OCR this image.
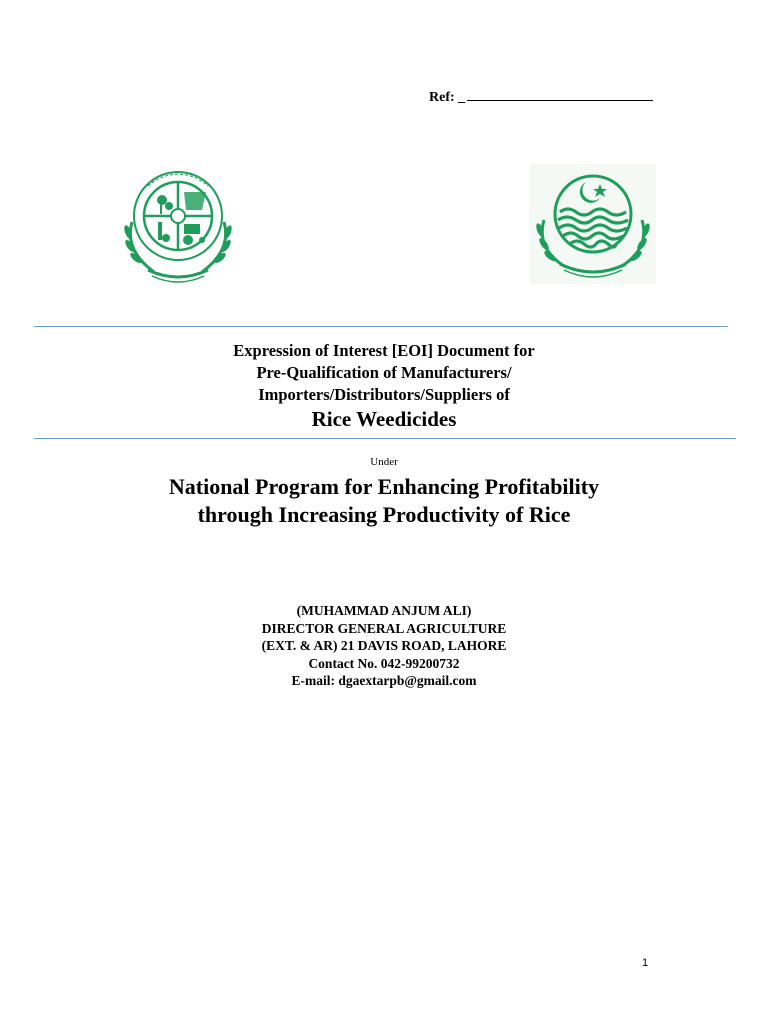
Ref: _
Expression of Interest [EOI] Document for
Pre-Qualification of Manufacturers/
Importers/Distributors/Suppliers of
Rice Weedicides
Under
National Program for Enhancing Profitability
through Increasing Productivity of Rice
(MUHAMMAD ANJUM ALI)
DIRECTOR GENERAL AGRICULTURE
(EXT. & AR) 21 DAVIS ROAD, LAHORE
Contact No. 042-99200732
E-mail: dgaextarpb@gmail.com
1
